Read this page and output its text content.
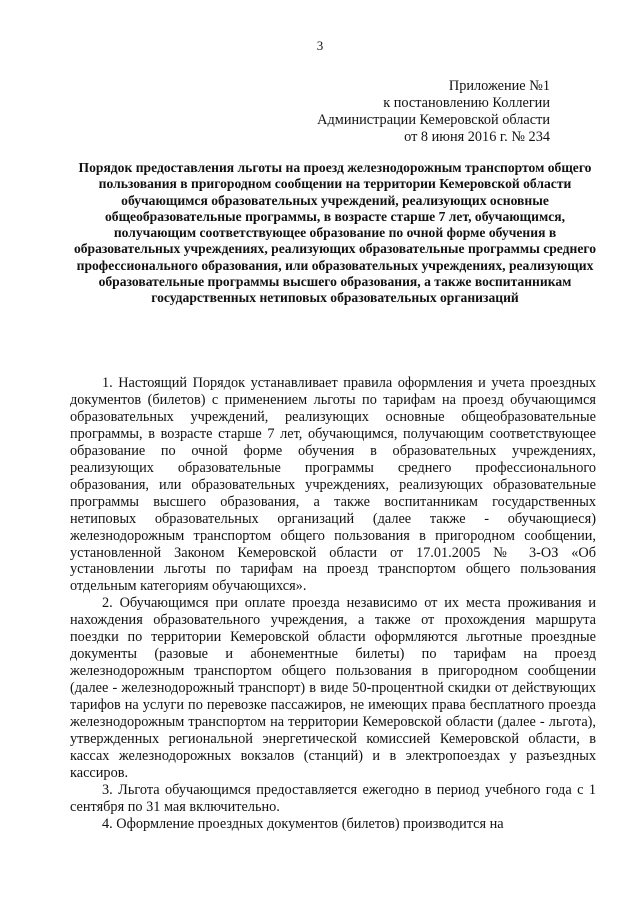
3
Приложение №1
к постановлению Коллегии
Администрации Кемеровской области
от 8 июня 2016 г. № 234
Порядок предоставления льготы на проезд железнодорожным транспортом общего пользования в пригородном сообщении на территории Кемеровской области обучающимся образовательных учреждений, реализующих основные общеобразовательные программы, в возрасте старше 7 лет, обучающимся, получающим соответствующее образование по очной форме обучения в образовательных учреждениях, реализующих образовательные программы среднего профессионального образования, или образовательных учреждениях, реализующих образовательные программы высшего образования, а также воспитанникам государственных нетиповых образовательных организаций

1. Настоящий Порядок устанавливает правила оформления и учета проездных документов (билетов) с применением льготы по тарифам на проезд обучающимся образовательных учреждений, реализующих основные общеобразовательные программы, в возрасте старше 7 лет, обучающимся, получающим соответствующее образование по очной форме обучения в образовательных учреждениях, реализующих образовательные программы среднего профессионального образования, или образовательных учреждениях, реализующих образовательные программы высшего образования, а также воспитанникам государственных нетиповых образовательных организаций (далее также - обучающиеся) железнодорожным транспортом общего пользования в пригородном сообщении, установленной Законом Кемеровской области от 17.01.2005 № 3-ОЗ «Об установлении льготы по тарифам на проезд транспортом общего пользования отдельным категориям обучающихся».

2. Обучающимся при оплате проезда независимо от их места проживания и нахождения образовательного учреждения, а также от прохождения маршрута поездки по территории Кемеровской области оформляются льготные проездные документы (разовые и абонементные билеты) по тарифам на проезд железнодорожным транспортом общего пользования в пригородном сообщении (далее - железнодорожный транспорт) в виде 50-процентной скидки от действующих тарифов на услуги по перевозке пассажиров, не имеющих права бесплатного проезда железнодорожным транспортом на территории Кемеровской области (далее - льгота), утвержденных региональной энергетической комиссией Кемеровской области, в кассах железнодорожных вокзалов (станций) и в электропоездах у разъездных кассиров.

3. Льгота обучающимся предоставляется ежегодно в период учебного года с 1 сентября по 31 мая включительно.

4. Оформление проездных документов (билетов) производится на
